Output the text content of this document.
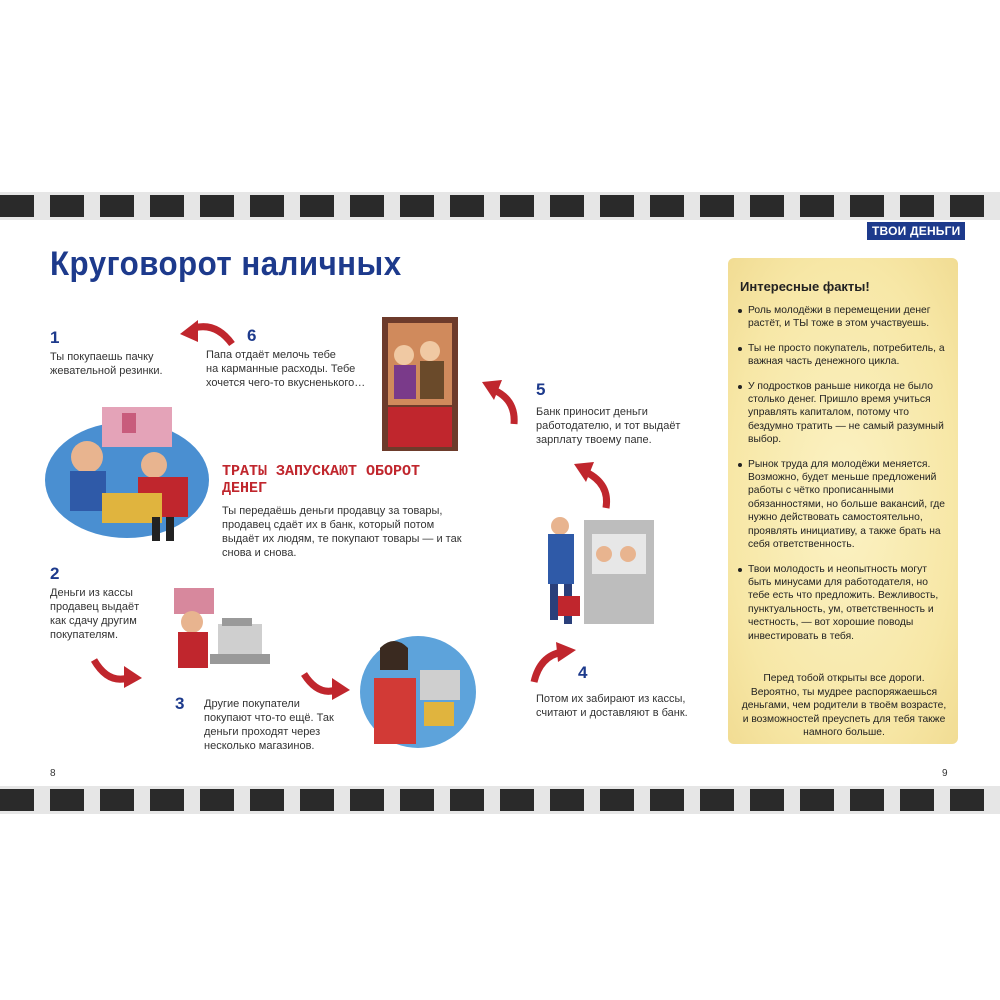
ТВОИ ДЕНЬГИ
Круговорот наличных
1
Ты покупаешь пачку
жевательной резинки.
6
Папа отдаёт мелочь тебе
на карманные расходы. Тебе
хочется чего-то вкусненького…	5
Банк приносит деньги
работодателю, и тот выдаёт
зарплату твоему папе.
2
Деньги из кассы
продавец выдаёт
как сдачу другим
покупателям.
3 Другие покупатели
покупают что-то ещё. Так
деньги проходят через
несколько магазинов.
4
Потом их забирают из кассы,
считают и доставляют в банк.
ТРАТЫ ЗАПУСКАЮТ ОБОРОТ ДЕНЕГ
Ты передаёшь деньги продавцу за товары,
продавец сдаёт их в банк, который потом
выдаёт их людям, те покупают товары — и так
снова и снова.
Интересные факты!
Роль молодёжи в перемещении денег растёт, и ТЫ тоже в этом участвуешь.
Ты не просто покупатель, потребитель, а важная часть денежного цикла.
У подростков раньше никогда не было столько денег. Пришло время учиться управлять капиталом, потому что бездумно тратить — не самый разумный выбор.
Рынок труда для молодёжи меняется. Возможно, будет меньше предложений работы с чётко прописанными обязанностями, но больше вакансий, где нужно действовать самостоятельно, проявлять инициативу, а также брать на себя ответственность.
Твои молодость и неопытность могут быть минусами для работодателя, но тебе есть что предложить. Вежливость, пунктуальность, ум, ответственность и честность, — вот хорошие поводы инвестировать в тебя.
Перед тобой открыты все дороги. Вероятно, ты мудрее распоряжаешься деньгами, чем родители в твоём возрасте, и возможностей преуспеть для тебя также намного больше.
8	9
